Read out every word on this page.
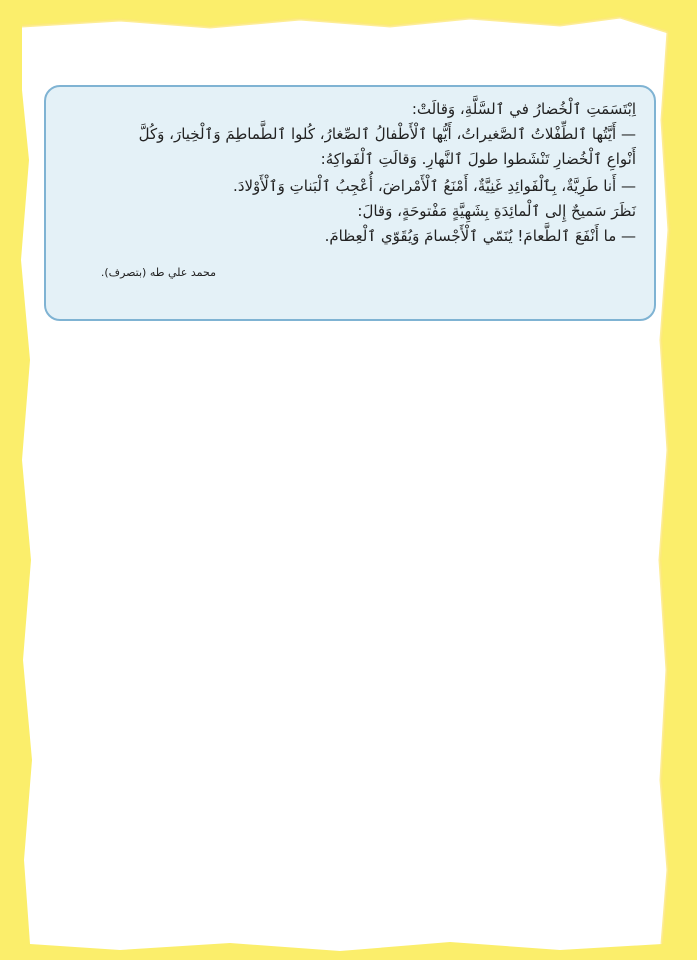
اِبْتَسَمَتِ ٱلْخُضارُ في ٱلسَّلَّةِ، وَقالَتْ:

— أَيَّتُها ٱلطِّفْلاتُ ٱلصَّغيراتُ، أَيُّها ٱلْأَطْفالُ ٱلصِّغارُ، كُلوا ٱلطَّماطِمَ وَٱلْخِيارَ، وَكُلَّ

أَنْواعِ ٱلْخُضارِ تَنْشَطوا طولَ ٱلنَّهارِ. وَقالَتِ ٱلْفَواكِهُ:

— أَنا طَرِيَّةٌ، بِٱلْفَوائِدِ غَنِيَّةٌ، أَمْنَعُ ٱلْأَمْراضَ، أُعْجِبُ ٱلْبَناتِ وَٱلْأَوْلادَ.

نَظَرَ سَميحٌ إِلى ٱلْمائِدَةِ بِشَهِيَّةٍ مَفْتوحَةٍ، وَقالَ:

— ما أَنْفَعَ ٱلطَّعامَ! يُنَمّي ٱلْأَجْسامَ وَيُقَوّي ٱلْعِظامَ.

محمد علي طه (بتصرف).
